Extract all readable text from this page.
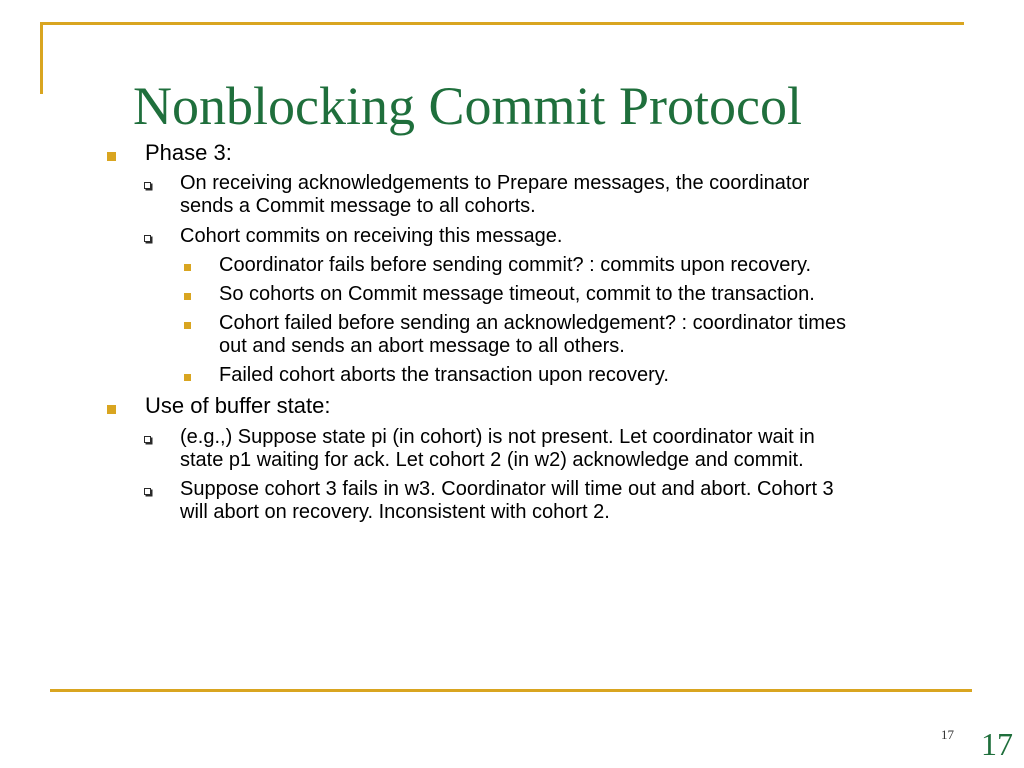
Nonblocking Commit Protocol
Phase 3:
On receiving acknowledgements to Prepare messages, the coordinator
sends a Commit message to all cohorts.
Cohort commits on receiving this message.
Coordinator fails before sending commit? : commits upon recovery.
So cohorts on Commit message timeout, commit to the transaction.
Cohort failed before sending an acknowledgement? : coordinator times
out and sends an abort message to all others.
Failed cohort aborts the transaction upon recovery.
Use of buffer state:
(e.g.,) Suppose state pi (in cohort) is not present. Let coordinator wait in
state p1 waiting for ack. Let cohort 2 (in w2) acknowledge and commit.
Suppose cohort 3 fails in w3. Coordinator will time out and abort. Cohort 3
will abort on recovery. Inconsistent with cohort 2.
17 17
